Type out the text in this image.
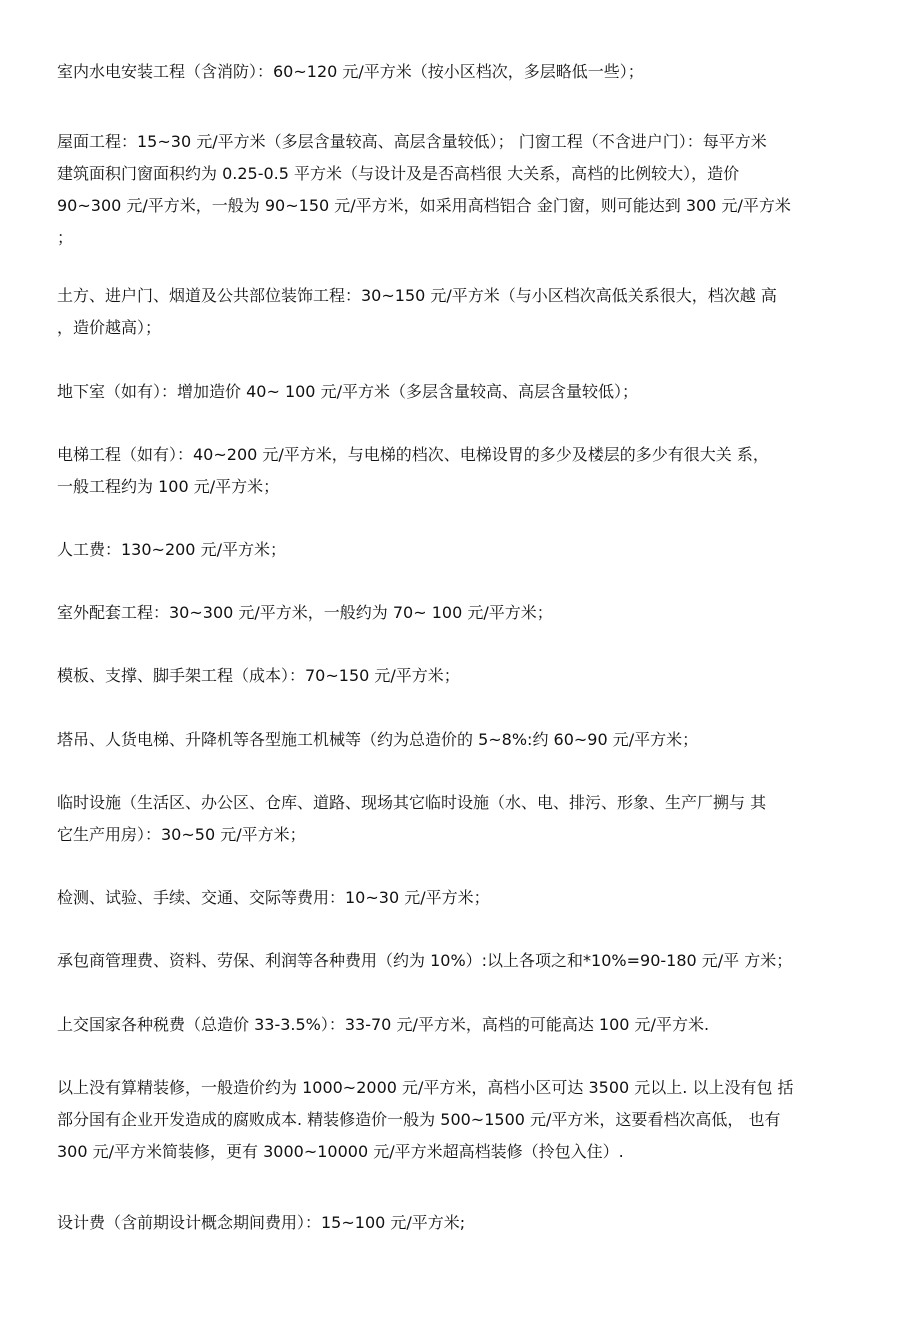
室内水电安装工程（含消防）：60~120 元/平方米（按小区档次，多层略低一些）；

屋面工程：15~30 元/平方米（多层含量较高、高层含量较低）； 门窗工程（不含进户门）：每平方米
建筑面积门窗面积约为 0.25-0.5 平方米（与设计及是否高档很 大关系，高档的比例较大），造价
90~300 元/平方米，一般为 90~150 元/平方米，如采用高档铝合 金门窗，则可能达到 300 元/平方米
；

土方、进户门、烟道及公共部位装饰工程：30~150 元/平方米（与小区档次高低关系很大，档次越 高
，造价越高）；

地下室（如有）：增加造价 40~ 100 元/平方米（多层含量较高、高层含量较低）；

电梯工程（如有）：40~200 元/平方米，与电梯的档次、电梯设胃的多少及楼层的多少有很大关 系，
一般工程约为 100 元/平方米；

人工费：130~200 元/平方米；

室外配套工程：30~300 元/平方米，一般约为 70~ 100 元/平方米；

模板、支撑、脚手架工程（成本）：70~150 元/平方米；

塔吊、人货电梯、升降机等各型施工机械等（约为总造价的 5~8%:约 60~90 元/平方米；

临时设施（生活区、办公区、仓库、道路、现场其它临时设施（水、电、排污、形象、生产厂搠与 其
它生产用房）：30~50 元/平方米；

检测、试验、手续、交通、交际等费用：10~30 元/平方米；

承包商管理费、资料、劳保、利润等各种费用（约为 10%）:以上各项之和*10%=90-180 元/平 方米；

上交国家各种税费（总造价 33-3.5%）：33-70 元/平方米，高档的可能高达 100 元/平方米.

以上没有算精装修，一般造价约为 1000~2000 元/平方米，高档小区可达 3500 元以上. 以上没有包 括
部分国有企业开发造成的腐败成本. 精装修造价一般为 500~1500 元/平方米，这要看档次高低， 也有
300 元/平方米简装修，更有 3000~10000 元/平方米超高档装修（拎包入住）.

设计费（含前期设计概念期间费用）：15~100 元/平方米;
